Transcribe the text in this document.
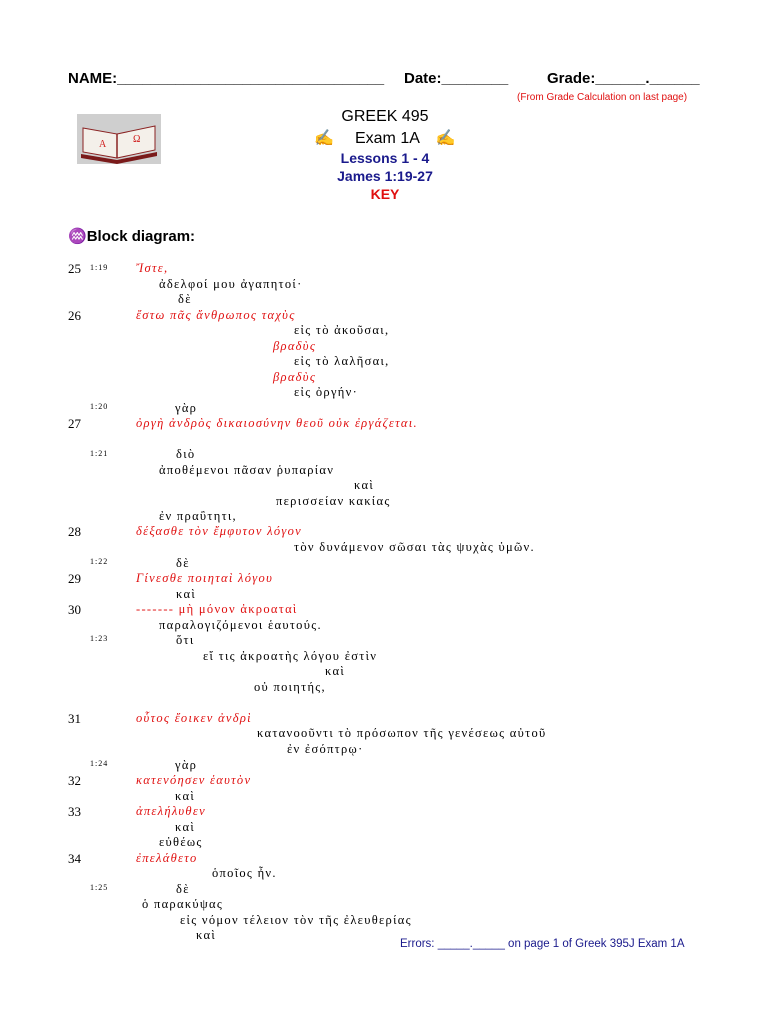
NAME:________________________________ Date:________	Grade:______.______
(From Grade Calculation on last page)

A	Ω

GREEK 495
✍ Exam 1A ✍
Lessons 1 - 4
James 1:19-27
KEY
♒Block diagram:
25
26
27
28
29
30
31
32
33
34
1:19
1:20
1:21
1:22
1:23
1:24
1:25
Ἴστε,
ἀδελφοί μου ἀγαπητοί·
δὲ
ἔστω πᾶς ἄνθρωπος ταχὺς
εἰς τὸ ἀκοῦσαι,
βραδὺς
εἰς τὸ λαλῆσαι,
βραδὺς
εἰς ὀργήν·
γὰρ
ὀργὴ ἀνδρὸς δικαιοσύνην θεοῦ οὐκ ἐργάζεται.
διὸ
ἀποθέμενοι πᾶσαν ῥυπαρίαν
καὶ
περισσείαν κακίας
ἐν πραΰτητι,
δέξασθε τὸν ἔμφυτον λόγον
τὸν δυνάμενον σῶσαι τὰς ψυχὰς ὑμῶν.
δὲ
Γίνεσθε ποιηταὶ λόγου
καὶ
------- μὴ μόνον ἀκροαταὶ
παραλογιζόμενοι ἑαυτούς.
ὅτι
εἴ τις ἀκροατὴς λόγου ἐστὶν
καὶ
οὐ ποιητής,
οὗτος ἔοικεν ἀνδρὶ
κατανοοῦντι τὸ πρόσωπον τῆς γενέσεως αὐτοῦ
ἐν ἐσόπτρῳ·
γὰρ
κατενόησεν ἑαυτὸν
καὶ
ἀπελήλυθεν
καὶ
εὐθέως
ἐπελάθετο
ὁποῖος ἦν.
δὲ
ὁ παρακύψας
εἰς νόμον τέλειον τὸν τῆς ἐλευθερίας
καὶ
Errors: _____._____ on page 1 of Greek 395J Exam 1A
